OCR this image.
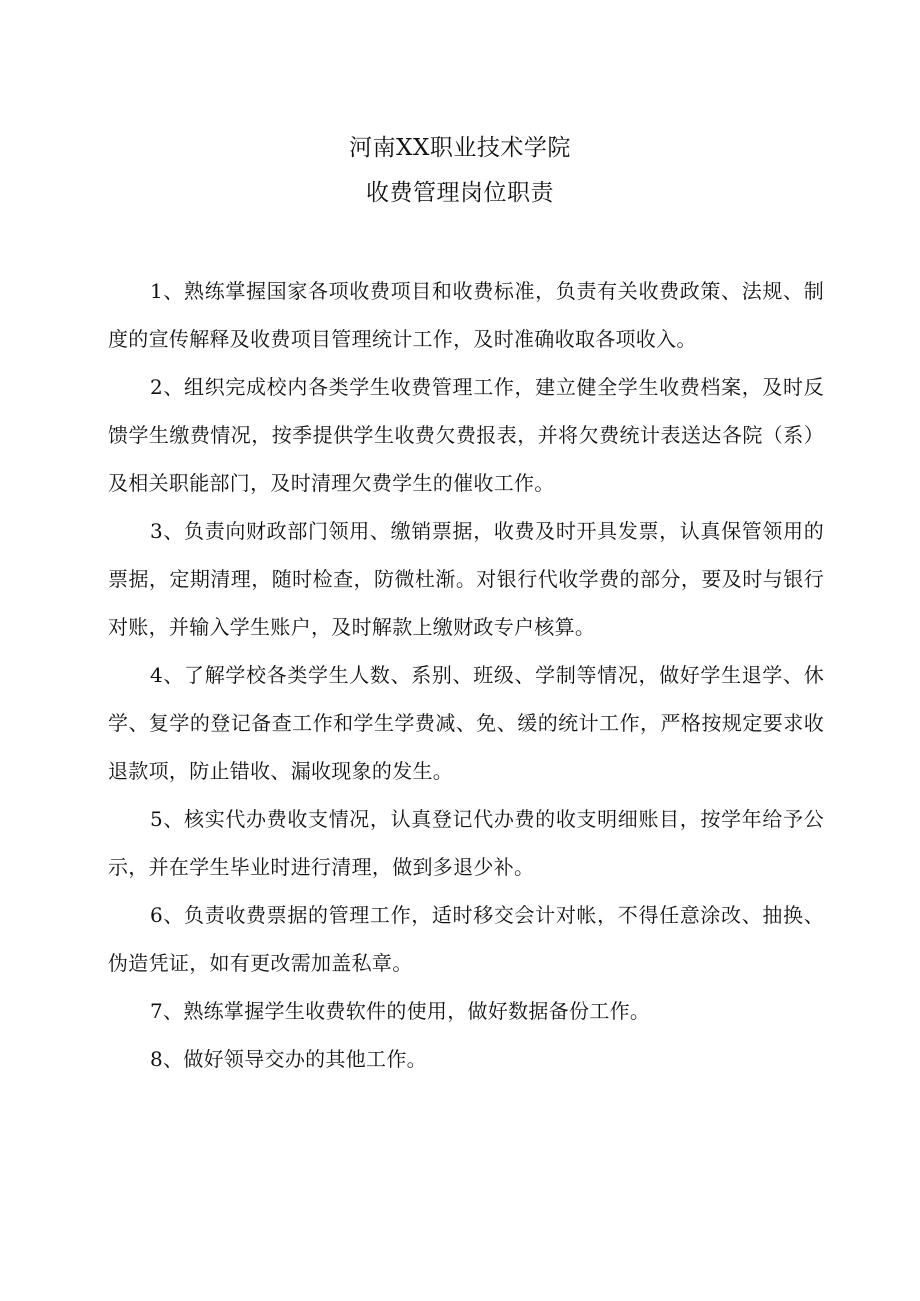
河南XX职业技术学院
收费管理岗位职责

1、熟练掌握国家各项收费项目和收费标准，负责有关收费政策、法规、制度的宣传解释及收费项目管理统计工作，及时准确收取各项收入。

2、组织完成校内各类学生收费管理工作，建立健全学生收费档案，及时反馈学生缴费情况，按季提供学生收费欠费报表，并将欠费统计表送达各院（系）及相关职能部门，及时清理欠费学生的催收工作。

3、负责向财政部门领用、缴销票据，收费及时开具发票，认真保管领用的票据，定期清理，随时检查，防微杜渐。对银行代收学费的部分，要及时与银行对账，并输入学生账户，及时解款上缴财政专户核算。

4、了解学校各类学生人数、系别、班级、学制等情况，做好学生退学、休学、复学的登记备查工作和学生学费减、免、缓的统计工作，严格按规定要求收退款项，防止错收、漏收现象的发生。

5、核实代办费收支情况，认真登记代办费的收支明细账目，按学年给予公示，并在学生毕业时进行清理，做到多退少补。

6、负责收费票据的管理工作，适时移交会计对帐，不得任意涂改、抽换、伪造凭证，如有更改需加盖私章。

7、熟练掌握学生收费软件的使用，做好数据备份工作。

8、做好领导交办的其他工作。
